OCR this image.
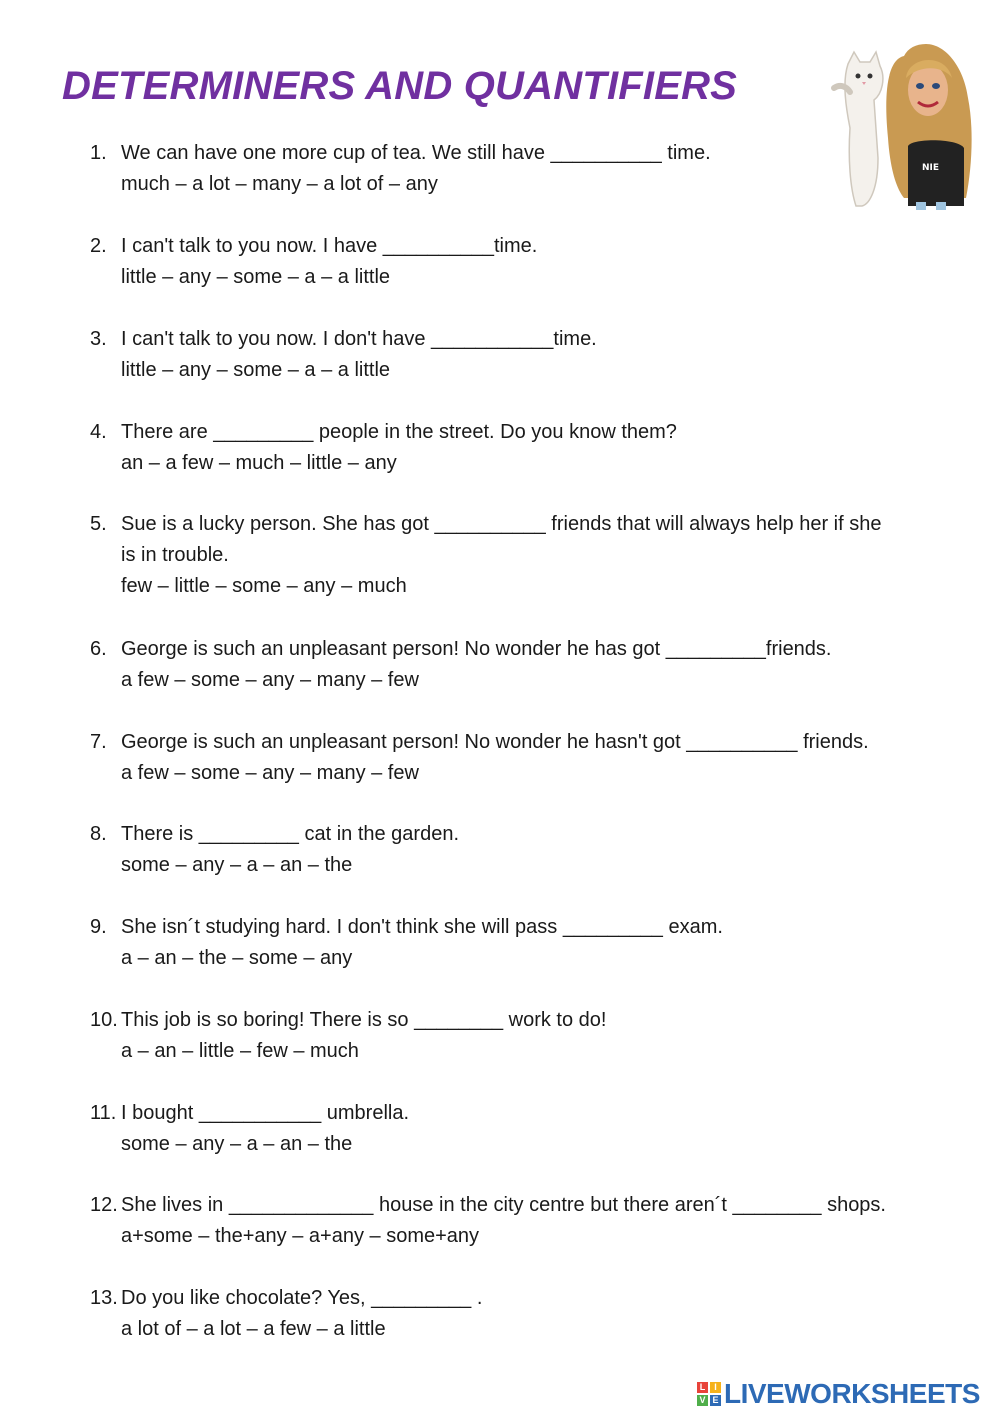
DETERMINERS AND QUANTIFIERS
NIE
1. We can have one more cup of tea. We still have __________ time.
much – a lot – many – a lot of – any
2. I can't talk to you now. I have __________time.
little – any – some – a – a little
3. I can't talk to you now. I don't have ___________time.
little – any – some – a – a little
4. There are _________ people in the street. Do you know them?
an – a few – much – little – any
5. Sue is a lucky person. She has got __________ friends that will always help her if she
is in trouble.
few – little – some – any – much
6. George is such an unpleasant person! No wonder he has got _________friends.
a few – some – any – many – few
7. George is such an unpleasant person! No wonder he hasn't got __________ friends.
a few – some – any – many – few
8. There is _________ cat in the garden.
some – any – a – an – the
9. She isn´t studying hard. I don't think she will pass _________ exam.
a – an – the – some – any
10. This job is so boring! There is so ________ work to do!
a – an – little – few – much
11. I bought ___________ umbrella.
some – any – a – an – the
12. She lives in _____________ house in the city centre but there aren´t ________ shops.
a+some – the+any – a+any – some+any
13. Do you like chocolate? Yes, _________ .
a lot of – a lot – a few – a little
L I
V E LIVEWORKSHEETS
